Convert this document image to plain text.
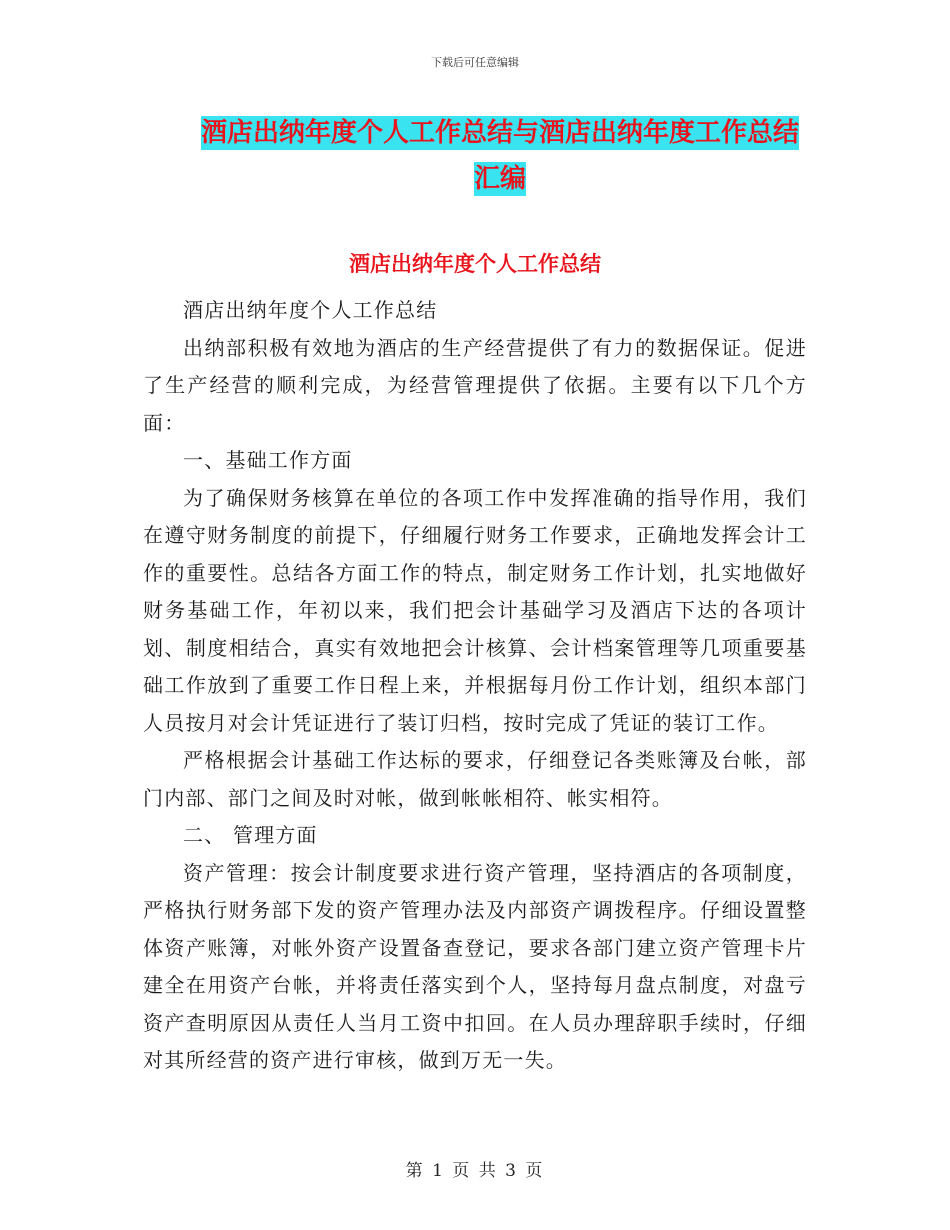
下载后可任意编辑
酒店出纳年度个人工作总结与酒店出纳年度工作总结
汇编
酒店出纳年度个人工作总结

酒店出纳年度个人工作总结

出纳部积极有效地为酒店的生产经营提供了有力的数据保证。促进了生产经营的顺利完成，为经营管理提供了依据。主要有以下几个方面：

一、基础工作方面

为了确保财务核算在单位的各项工作中发挥准确的指导作用，我们在遵守财务制度的前提下，仔细履行财务工作要求，正确地发挥会计工作的重要性。总结各方面工作的特点，制定财务工作计划，扎实地做好财务基础工作，年初以来，我们把会计基础学习及酒店下达的各项计划、制度相结合，真实有效地把会计核算、会计档案管理等几项重要基础工作放到了重要工作日程上来，并根据每月份工作计划，组织本部门人员按月对会计凭证进行了装订归档，按时完成了凭证的装订工作。

严格根据会计基础工作达标的要求，仔细登记各类账簿及台帐，部门内部、部门之间及时对帐，做到帐帐相符、帐实相符。

二、 管理方面

资产管理：按会计制度要求进行资产管理，坚持酒店的各项制度，严格执行财务部下发的资产管理办法及内部资产调拨程序。仔细设置整体资产账簿，对帐外资产设置备查登记，要求各部门建立资产管理卡片建全在用资产台帐，并将责任落实到个人，坚持每月盘点制度，对盘亏资产查明原因从责任人当月工资中扣回。在人员办理辞职手续时，仔细对其所经营的资产进行审核，做到万无一失。

第 1 页 共 3 页
